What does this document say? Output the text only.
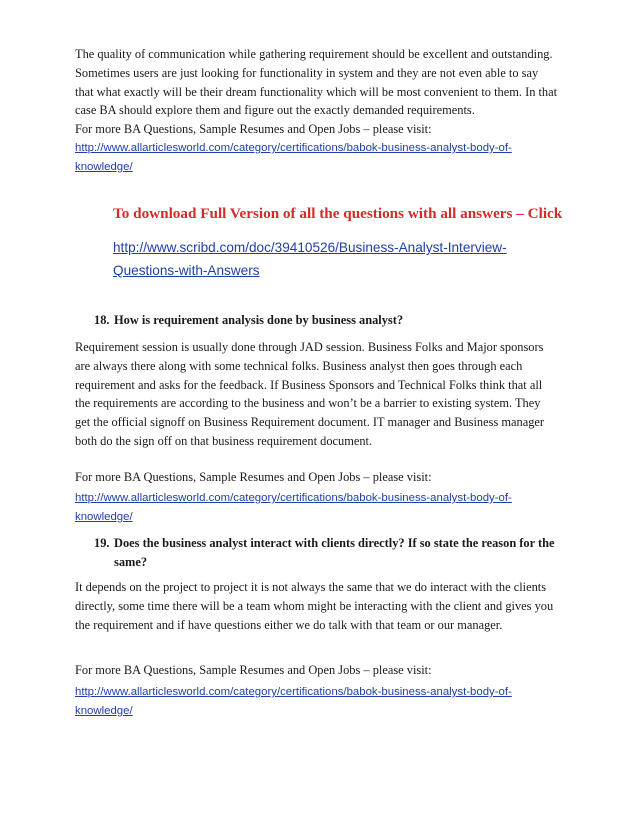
The quality of communication while gathering requirement should be excellent and outstanding.
Sometimes users are just looking for functionality in system and they are not even able to say
that what exactly will be their dream functionality which will be most convenient to them. In that
case BA should explore them and figure out the exactly demanded requirements.
For more BA Questions, Sample Resumes and Open Jobs – please visit:
http://www.allarticlesworld.com/category/certifications/babok-business-analyst-body-of-
knowledge/
To download Full Version of all the questions with all answers – Click
http://www.scribd.com/doc/39410526/Business-Analyst-Interview-
Questions-with-Answers
18. How is requirement analysis done by business analyst?
Requirement session is usually done through JAD session. Business Folks and Major sponsors
are always there along with some technical folks. Business analyst then goes through each
requirement and asks for the feedback. If Business Sponsors and Technical Folks think that all
the requirements are according to the business and won’t be a barrier to existing system. They
get the official signoff on Business Requirement document. IT manager and Business manager
both do the sign off on that business requirement document.
For more BA Questions, Sample Resumes and Open Jobs – please visit:
http://www.allarticlesworld.com/category/certifications/babok-business-analyst-body-of-
knowledge/
19. Does the business analyst interact with clients directly? If so state the reason for the
same?
It depends on the project to project it is not always the same that we do interact with the clients
directly, some time there will be a team whom might be interacting with the client and gives you
the requirement and if have questions either we do talk with that team or our manager.
For more BA Questions, Sample Resumes and Open Jobs – please visit:
http://www.allarticlesworld.com/category/certifications/babok-business-analyst-body-of-
knowledge/
